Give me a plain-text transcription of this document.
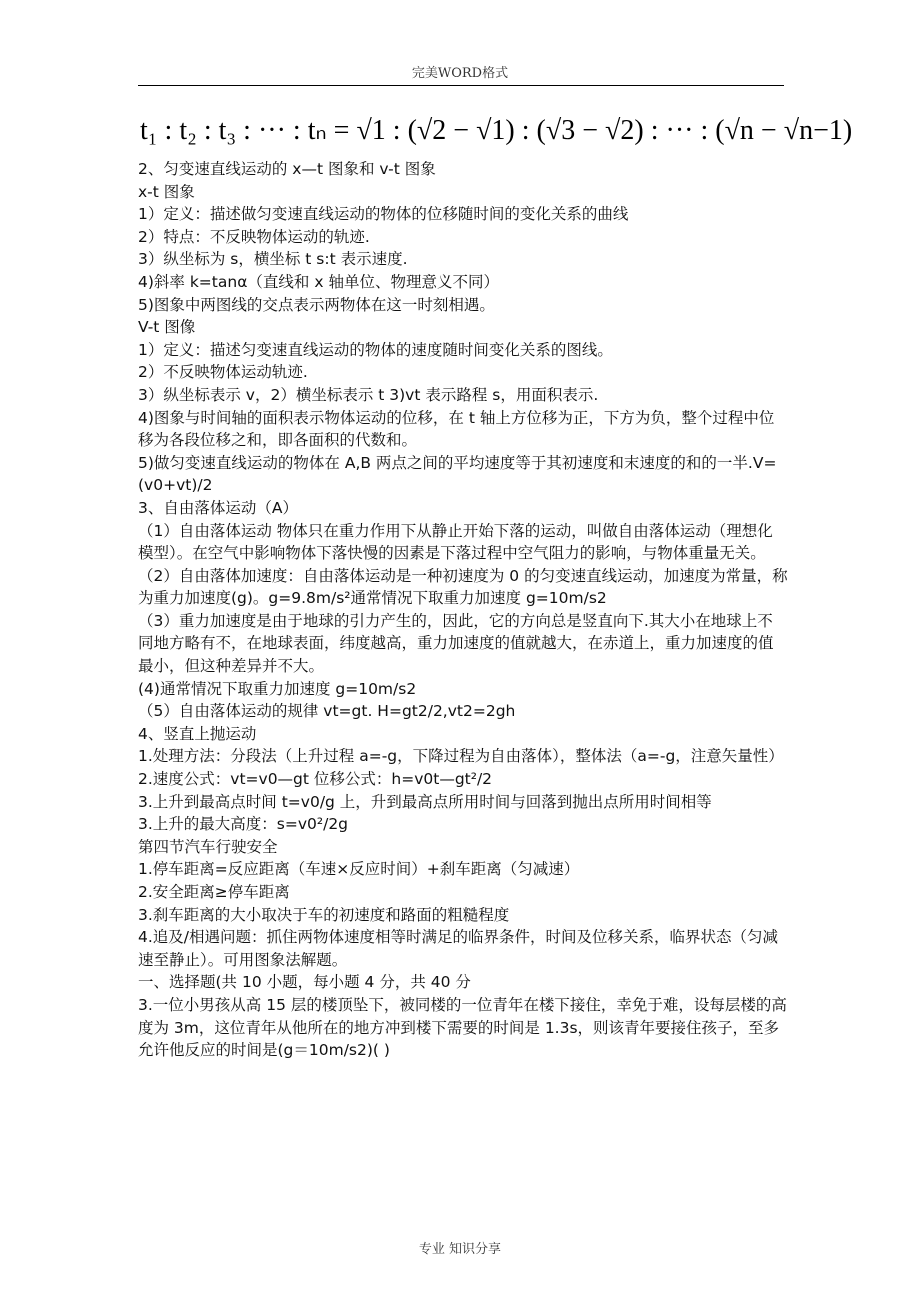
完美WORD格式
t₁ : t₂ : t₃ : ··· : tₙ = √1 : (√2 − √1) : (√3 − √2) : ··· : (√n − √n−1)

2、匀变速直线运动的 x—t 图象和 v-t 图象

x-t 图象

1）定义：描述做匀变速直线运动的物体的位移随时间的变化关系的曲线

2）特点：不反映物体运动的轨迹.

3）纵坐标为 s，横坐标 t s:t 表示速度.

4)斜率 k=tanα（直线和 x 轴单位、物理意义不同）

5)图象中两图线的交点表示两物体在这一时刻相遇。

V-t 图像

1）定义：描述匀变速直线运动的物体的速度随时间变化关系的图线。

2）不反映物体运动轨迹.

3）纵坐标表示 v，2）横坐标表示 t 3)vt 表示路程 s，用面积表示.

4)图象与时间轴的面积表示物体运动的位移，在 t 轴上方位移为正，下方为负，整个过程中位移为各段位移之和，即各面积的代数和。

5)做匀变速直线运动的物体在 A,B 两点之间的平均速度等于其初速度和末速度的和的一半.V=(v0+vt)/2

3、自由落体运动（A）

（1）自由落体运动 物体只在重力作用下从静止开始下落的运动，叫做自由落体运动（理想化模型）。在空气中影响物体下落快慢的因素是下落过程中空气阻力的影响，与物体重量无关。

（2）自由落体加速度：自由落体运动是一种初速度为 0 的匀变速直线运动，加速度为常量，称为重力加速度(g)。g=9.8m/s²通常情况下取重力加速度 g=10m/s2

（3）重力加速度是由于地球的引力产生的，因此，它的方向总是竖直向下.其大小在地球上不同地方略有不，在地球表面，纬度越高，重力加速度的值就越大，在赤道上，重力加速度的值最小，但这种差异并不大。

(4)通常情况下取重力加速度 g=10m/s2

（5）自由落体运动的规律 vt=gt. H=gt2/2,vt2=2gh

4、竖直上抛运动

1.处理方法：分段法（上升过程 a=-g，下降过程为自由落体），整体法（a=-g，注意矢量性）

2.速度公式：vt=v0—gt 位移公式：h=v0t—gt²/2

3.上升到最高点时间 t=v0/g 上，升到最高点所用时间与回落到抛出点所用时间相等

3.上升的最大高度：s=v0²/2g

第四节汽车行驶安全

1.停车距离=反应距离（车速×反应时间）+刹车距离（匀减速）

2.安全距离≥停车距离

3.刹车距离的大小取决于车的初速度和路面的粗糙程度

4.追及/相遇问题：抓住两物体速度相等时满足的临界条件，时间及位移关系，临界状态（匀减速至静止）。可用图象法解题。

一、选择题(共 10 小题，每小题 4 分，共 40 分

3.一位小男孩从高 15 层的楼顶坠下，被同楼的一位青年在楼下接住，幸免于难，设每层楼的高度为 3m，这位青年从他所在的地方冲到楼下需要的时间是 1.3s，则该青年要接住孩子，至多允许他反应的时间是(g＝10m/s2)( )

专业 知识分享
